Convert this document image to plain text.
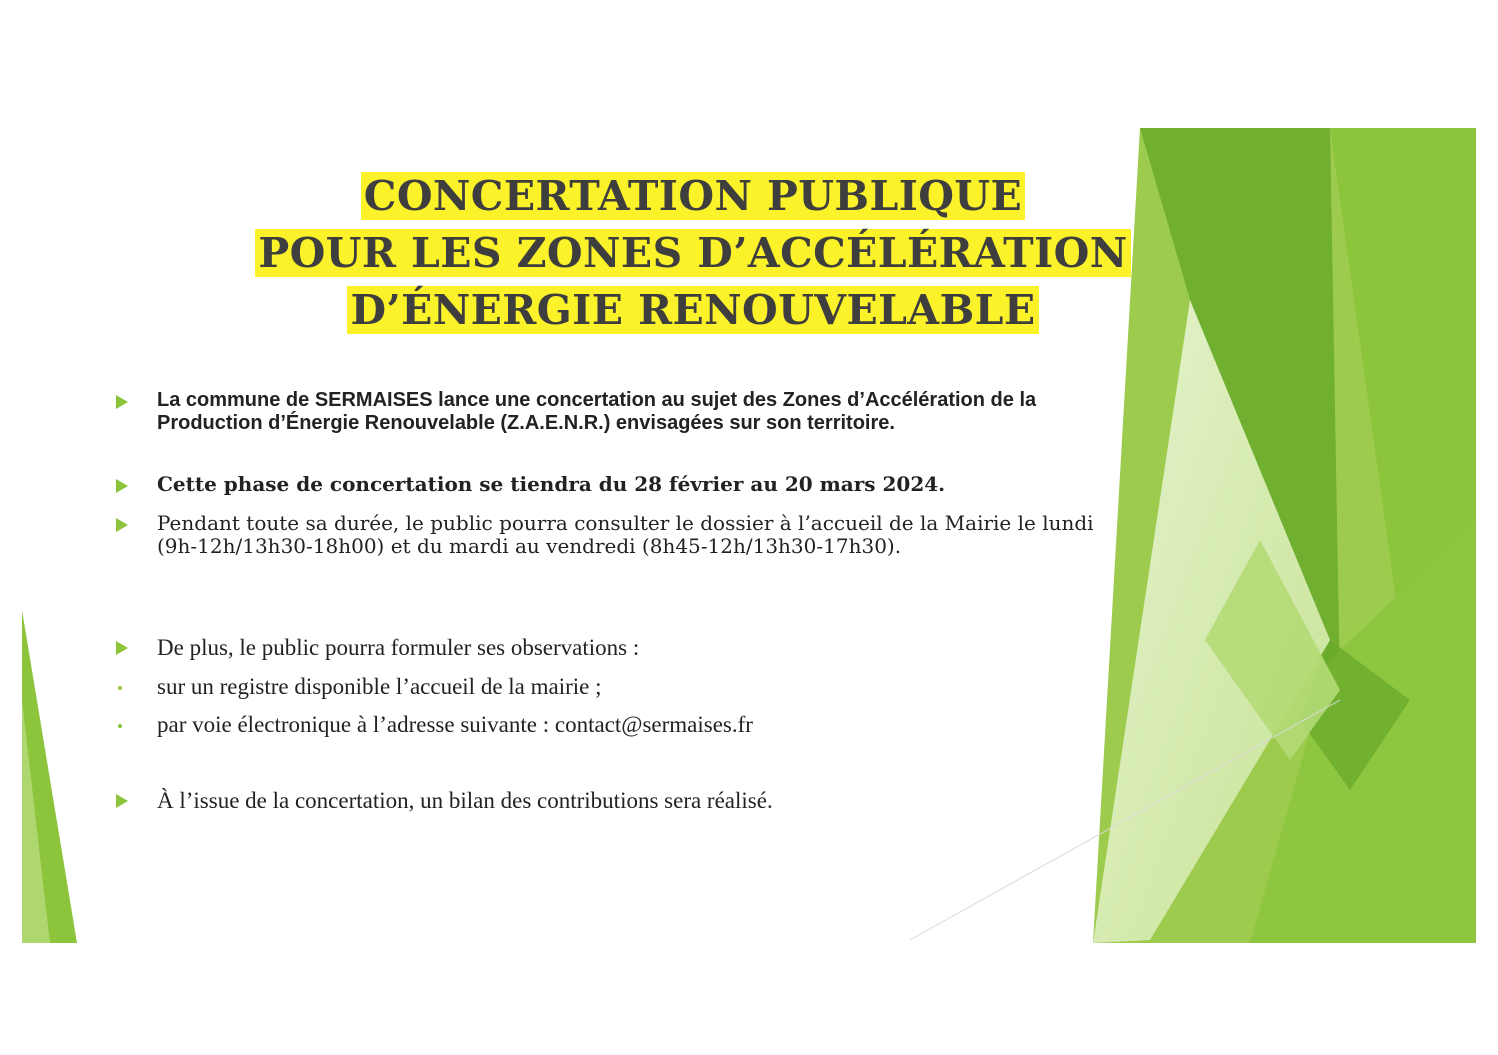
CONCERTATION PUBLIQUE
POUR LES ZONES D’ACCÉLÉRATION
D’ÉNERGIE RENOUVELABLE
La commune de SERMAISES lance une concertation au sujet des Zones d’Accélération de la Production d’Énergie Renouvelable (Z.A.E.N.R.) envisagées sur son territoire.
Cette phase de concertation se tiendra du 28 février au 20 mars 2024.
Pendant toute sa durée, le public pourra consulter le dossier à l’accueil de la Mairie le lundi (9h-12h/13h30-18h00) et du mardi au vendredi (8h45-12h/13h30-17h30).
De plus, le public pourra formuler ses observations :
sur un registre disponible l’accueil de la mairie ;
par voie électronique à l’adresse suivante : contact@sermaises.fr
À l’issue de la concertation, un bilan des contributions sera réalisé.
